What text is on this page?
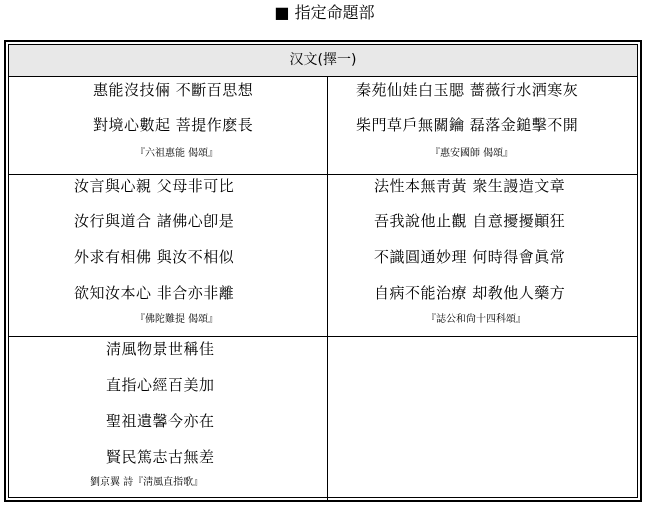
■ 指定命題部
汉文(擇一)
惠能沒技倆 不斷百思想
對境心數起 菩提作麽長
『六祖惠能 偈頌』
秦苑仙娃白玉腮 薔薇行水洒寒灰
柴門草戶無關鑰 磊落金鎚擊不開
『惠安國師 偈頌』
汝言與心親 父母非可比
汝行與道合 諸佛心卽是
外求有相佛 與汝不相似
欲知汝本心 非合亦非離
『佛陀難提 偈頌』
法性本無靑黃 衆生謾造文章
吾我說他止觀 自意擾擾顚狂
不識圓通妙理 何時得會眞常
自病不能治療 却敎他人藥方
『誌公和尙十四科頌』
淸風物景世稱佳
直指心經百美加
聖祖遺馨今亦在
賢民篤志古無差
劉京翼 詩『淸風直指歌』
